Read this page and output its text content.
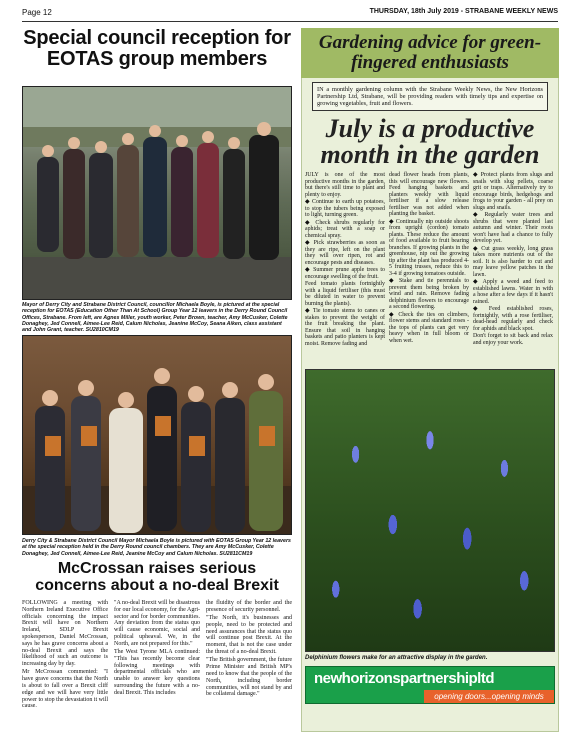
Page 12	THURSDAY, 18th July 2019 - STRABANE WEEKLY NEWS
Special council reception for EOTAS group members
Mayor of Derry City and Strabane District Council, councillor Michaela Boyle, is pictured at the special reception for EOTAS (Education Other Than At School) Group Year 12 leavers in the Derry Round Council Offices, Strabane. From left, are Agnes Miller, youth worker, Peter Brown, teacher, Amy McCusker, Colette Donaghey, Jed Connell, Aimee-Lee Reid, Calum Nicholas, Jeanine McCoy, Seana Aiken, class assistant and John Grant, teacher. SU2810CM19
Derry City & Strabane District Council Mayor Michaela Boyle is pictured with EOTAS Group Year 12 leavers at the special reception held in the Derry Round council chambers. They are Amy McCusker, Colette Donaghey, Jed Connell, Aimee-Lee Reid, Jeanine McCoy and Calum Nicholas. SU2811CM19
McCrossan raises serious concerns about a no-deal Brexit

FOLLOWING a meeting with Northern Ireland Executive Office officials concerning the impact Brexit will have on Northern Ireland, SDLP Brexit spokesperson, Daniel McCrossan, says he has grave concerns about a no-deal Brexit and says the likelihood of such an outcome is increasing day by day.

Mr McCrossan commented: "I have grave concerns that the North is about to fall over a Brexit cliff edge and we will have very little power to stop the devastation it will cause.

"A no-deal Brexit will be disastrous for our local economy, for the Agri-sector and for border communities. Any deviation from the status quo will cause economic, social and political upheaval. We, in the North, are not prepared for this."

The West Tyrone MLA continued: "This has recently become clear following meetings with departmental officials who are unable to answer key questions surrounding the future with a no-deal Brexit. This includes

the fluidity of the border and the presence of security personnel.

"The North, it's businesses and people, need to be protected and need assurances that the status quo will continue post Brexit. At the moment, that is not the case under the threat of a no-deal Brexit.

"The British government, the future Prime Minister and British MP's need to know that the people of the North, including border communities, will not stand by and be collateral damage."

Gardening advice for green-fingered enthusiasts
IN a monthly gardening column with the Strabane Weekly News, the New Horizons Partnership Ltd, Strabane, will be providing readers with timely tips and expertise on growing vegetables, fruit and flowers.
July is a productive month in the garden

JULY is one of the most productive months in the garden, but there's still time to plant and plenty to enjoy.

◆ Continue to earth up potatoes, to stop the tubers being exposed to light, turning green.

◆ Check shrubs regularly for aphids; treat with a soap or chemical spray.

◆ Pick strawberries as soon as they are ripe, left on the plant they will over ripen, rot and encourage pests and diseases.

◆ Summer prune apple trees to encourage swelling of the fruit.

Feed tomato plants fortnightly with a liquid fertiliser (this must be diluted in water to prevent burning the plants).

◆ Tie tomato stems to canes or stakes to prevent the weight of the fruit breaking the plant. Ensure that soil in hanging baskets and patio planters is kept moist. Remove fading and

dead flower heads from plants, this will encourage new flowers. Feed hanging baskets and planters weekly with liquid fertiliser if a slow release fertiliser was not added when planting the basket.

◆ Continually nip outside shoots from upright (cordon) tomato plants. These reduce the amount of food available to fruit bearing branches. If growing plants in the greenhouse, nip out the growing tip after the plant has produced 4-5 fruiting trusses, reduce this to 3-4 if growing tomatoes outside.

◆ Stake and tie perennials to prevent them being broken by wind and rain. Remove fading delphinium flowers to encourage a second flowering.

◆ Check the ties on climbers, flower stems and standard roses - the tops of plants can get very heavy when in full bloom or when wet.

◆ Protect plants from slugs and snails with slug pellets, coarse grit or traps. Alternatively try to encourage birds, hedgehogs and frogs to your garden - all prey on slugs and snails.

◆ Regularly water trees and shrubs that were planted last autumn and winter. Their roots won't have had a chance to fully develop yet.

◆ Cut grass weekly, long grass takes more nutrients out of the soil. It is also harder to cut and may leave yellow patches in the lawn.

◆ Apply a weed and feed to established lawns. Water in with a hose after a few days if it hasn't rained.

◆ Feed established roses, fortnightly, with a rose fertiliser, dead-head regularly and check for aphids and black spot.

Don't forget to sit back and relax and enjoy your work.

Delphinium flowers make for an attractive display in the garden.
newhorizonspartnershipltd
opening doors...opening minds
